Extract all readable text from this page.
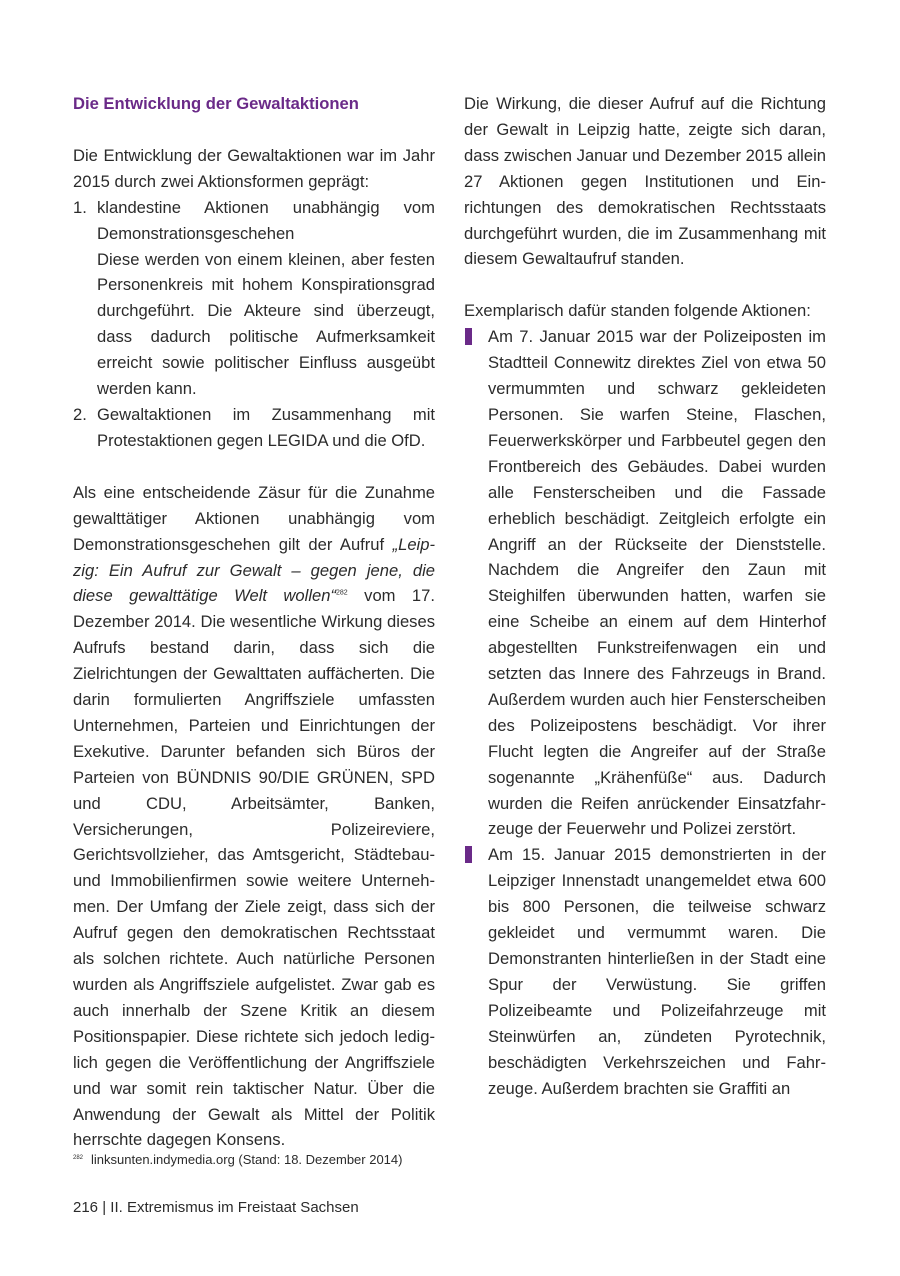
Die Entwicklung der Gewaltaktionen

Die Entwicklung der Gewaltaktionen war im Jahr 2015 durch zwei Aktionsformen geprägt:

1. klandestine Aktionen unabhängig vom Demonstrationsgeschehen
Diese werden von einem kleinen, aber festen Personenkreis mit hohem Konspirationsgrad durchgeführt. Die Akteure sind überzeugt, dass dadurch politische Aufmerksamkeit erreicht sowie politischer Einfluss ausgeübt werden kann.
2. Gewaltaktionen im Zusammenhang mit Protestaktionen gegen LEGIDA und die OfD.

Als eine entscheidende Zäsur für die Zunahme gewalttätiger Aktionen unabhängig vom Demonstrationsgeschehen gilt der Aufruf „Leipzig: Ein Aufruf zur Gewalt – gegen jene, die diese gewalttätige Welt wollen“$^{282}$ vom 17. Dezember 2014. Die wesentliche Wirkung dieses Aufrufs bestand darin, dass sich die Zielrichtungen der Gewalttaten auffächerten. Die darin formulierten Angriffsziele umfassten Unternehmen, Parteien und Einrichtungen der Exekutive. Darunter befanden sich Büros der Parteien von BÜNDNIS 90/DIE GRÜNEN, SPD und CDU, Arbeitsämter, Banken, Versicherungen, Polizeireviere, Gerichtsvollzieher, das Amtsgericht, Städtebau- und Immobilienfirmen sowie weitere Unternehmen. Der Umfang der Ziele zeigt, dass sich der Aufruf gegen den demokratischen Rechtsstaat als solchen richtete. Auch natürliche Personen wurden als Angriffsziele aufgelistet. Zwar gab es auch innerhalb der Szene Kritik an diesem Positionspapier. Diese richtete sich jedoch lediglich gegen die Veröffentlichung der Angriffsziele und war somit rein taktischer Natur. Über die Anwendung der Gewalt als Mittel der Politik herrschte dagegen Konsens.

Die Wirkung, die dieser Aufruf auf die Richtung der Gewalt in Leipzig hatte, zeigte sich daran, dass zwischen Januar und Dezember 2015 allein 27 Aktionen gegen Institutionen und Einrichtungen des demokratischen Rechtsstaats durchgeführt wurden, die im Zusammenhang mit diesem Gewaltaufruf standen.

Exemplarisch dafür standen folgende Aktionen:

Am 7. Januar 2015 war der Polizeiposten im Stadtteil Connewitz direktes Ziel von etwa 50 vermummten und schwarz gekleideten Personen. Sie warfen Steine, Flaschen, Feuerwerkskörper und Farbbeutel gegen den Frontbereich des Gebäudes. Dabei wurden alle Fensterscheiben und die Fassade erheblich beschädigt. Zeitgleich erfolgte ein Angriff an der Rückseite der Dienststelle. Nachdem die Angreifer den Zaun mit Steighilfen überwunden hatten, warfen sie eine Scheibe an einem auf dem Hinterhof abgestellten Funkstreifenwagen ein und setzten das Innere des Fahrzeugs in Brand. Außerdem wurden auch hier Fensterscheiben des Polizeipostens beschädigt. Vor ihrer Flucht legten die Angreifer auf der Straße sogenannte „Krähenfüße“ aus. Dadurch wurden die Reifen anrückender Einsatzfahrzeuge der Feuerwehr und Polizei zerstört.
Am 15. Januar 2015 demonstrierten in der Leipziger Innenstadt unangemeldet etwa 600 bis 800 Personen, die teilweise schwarz gekleidet und vermummt waren. Die Demonstranten hinterließen in der Stadt eine Spur der Verwüstung. Sie griffen Polizeibeamte und Polizeifahrzeuge mit Steinwürfen an, zündeten Pyrotechnik, beschädigten Verkehrszeichen und Fahrzeuge. Außerdem brachten sie Graffiti an
$^{282}$ linksunten.indymedia.org (Stand: 18. Dezember 2014)
216 | II. Extremismus im Freistaat Sachsen
